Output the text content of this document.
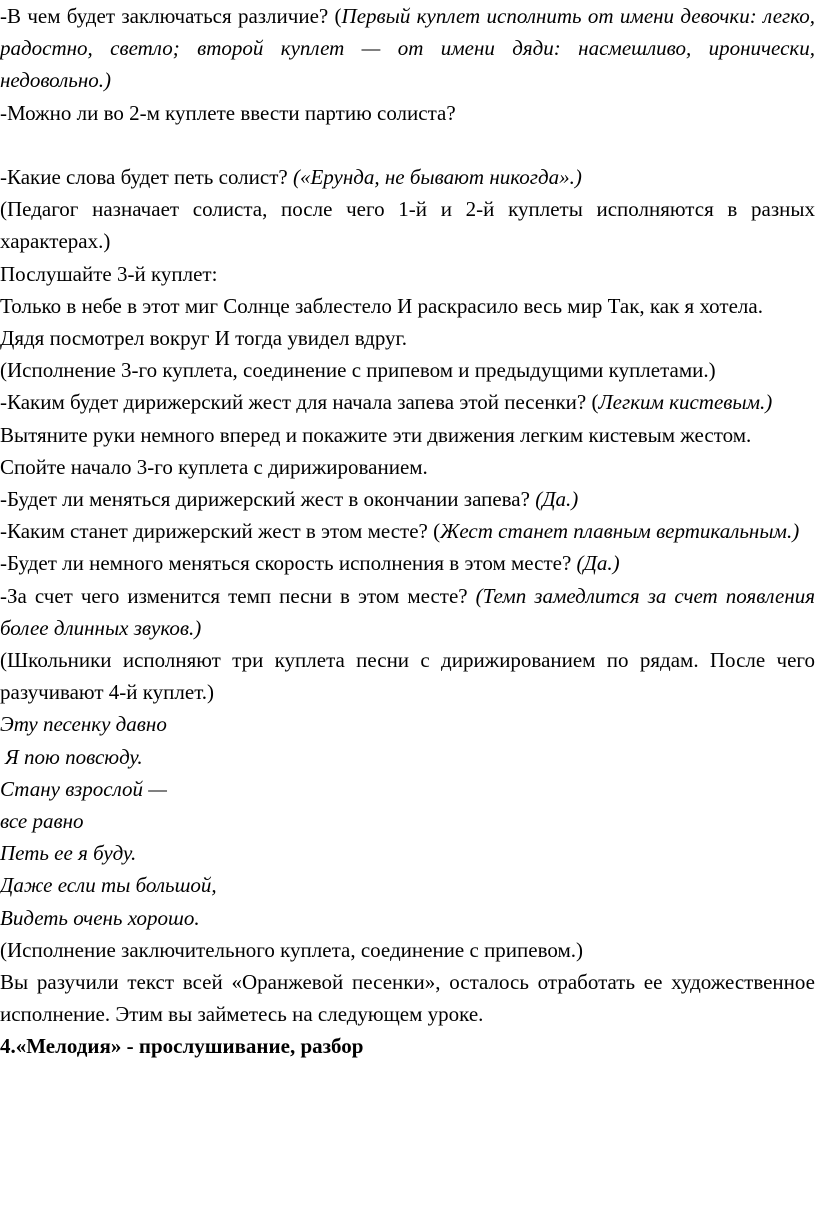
-В чем будет заключаться различие? (Первый куплет исполнить от имени девочки: легко, радостно, светло; второй куплет — от имени дяди: насмешливо, иронически, недовольно.)

-Можно ли во 2-м куплете ввести партию солиста?

-Какие слова будет петь солист? («Ерунда, не бывают никогда».)

(Педагог назначает солиста, после чего 1-й и 2-й куплеты исполняются в разных характерах.)

Послушайте 3-й куплет:

Только в небе в этот миг Солнце заблестело И раскрасило весь мир Так, как я хотела.

Дядя посмотрел вокруг И тогда увидел вдруг.

(Исполнение 3-го куплета, соединение с припевом и предыдущими куплетами.)

-Каким будет дирижерский жест для начала запева этой песенки? (Легким кистевым.)

Вытяните руки немного вперед и покажите эти движения легким кистевым жестом.

Спойте начало 3-го куплета с дирижированием.

-Будет ли меняться дирижерский жест в окончании запева? (Да.)

-Каким станет дирижерский жест в этом месте? (Жест станет плавным вертикальным.)

-Будет ли немного меняться скорость исполнения в этом месте? (Да.)

-За счет чего изменится темп песни в этом месте? (Темп замедлится за счет появления более длинных звуков.)

(Школьники исполняют три куплета песни с дирижированием по рядам. После чего разучивают 4-й куплет.)

Эту песенку давно

Я пою повсюду.

Стану взрослой —

все равно

Петь ее я буду.

Даже если ты большой,

Видеть очень хорошо.

(Исполнение заключительного куплета, соединение с припевом.)

Вы разучили текст всей «Оранжевой песенки», осталось отработать ее художественное исполнение. Этим вы займетесь на следующем уроке.

4.«Мелодия» - прослушивание, разбор
